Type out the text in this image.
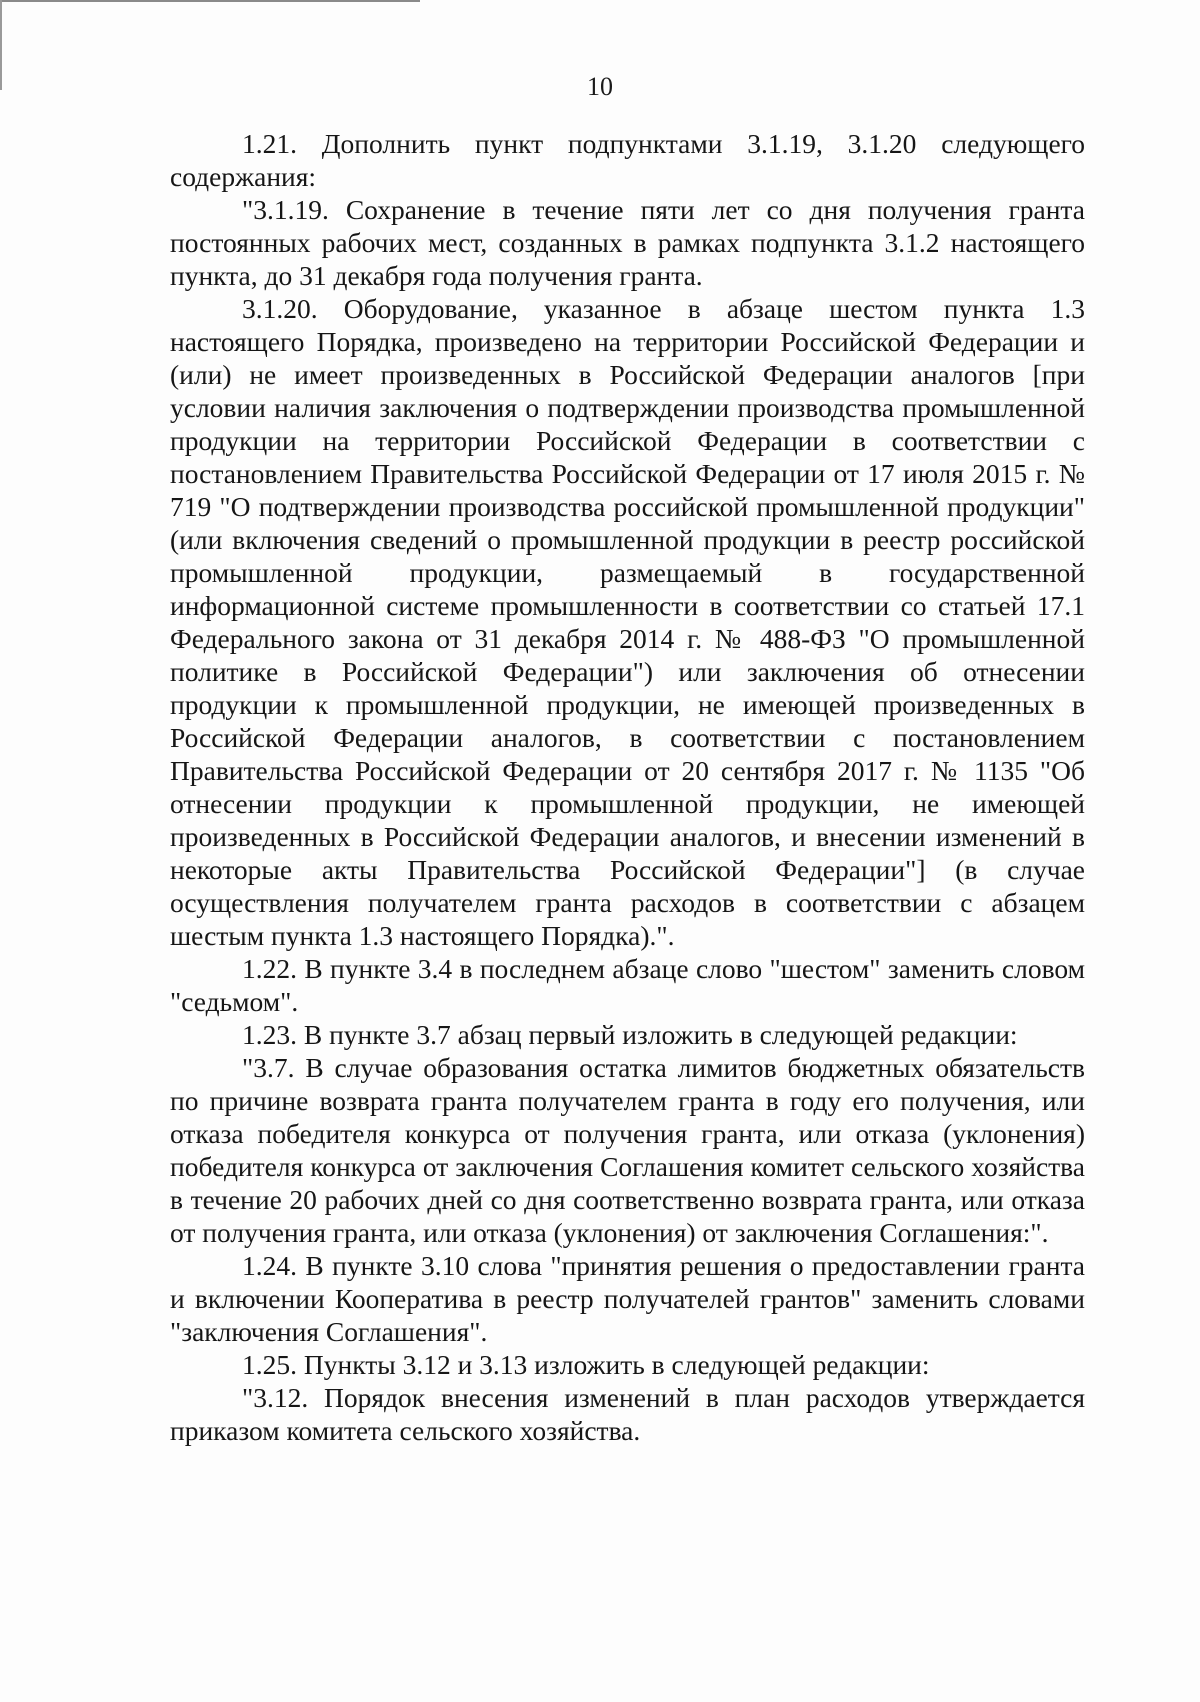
10

1.21. Дополнить пункт подпунктами 3.1.19, 3.1.20 следующего содержания:

"3.1.19. Сохранение в течение пяти лет со дня получения гранта постоянных рабочих мест, созданных в рамках подпункта 3.1.2 настоящего пункта, до 31 декабря года получения гранта.

3.1.20. Оборудование, указанное в абзаце шестом пункта 1.3 настоящего Порядка, произведено на территории Российской Федерации и (или) не имеет произведенных в Российской Федерации аналогов [при условии наличия заключения о подтверждении производства промышленной продукции на территории Российской Федерации в соответствии с постановлением Правительства Российской Федерации от 17 июля 2015 г. № 719 "О подтверждении производства российской промышленной продукции" (или включения сведений о промышленной продукции в реестр российской промышленной продукции, размещаемый в государственной информационной системе промышленности в соответствии со статьей 17.1 Федерального закона от 31 декабря 2014 г. № 488-ФЗ "О промышленной политике в Российской Федерации") или заключения об отнесении продукции к промышленной продукции, не имеющей произведенных в Российской Федерации аналогов, в соответствии с постановлением Правительства Российской Федерации от 20 сентября 2017 г. № 1135 "Об отнесении продукции к промышленной продукции, не имеющей произведенных в Российской Федерации аналогов, и внесении изменений в некоторые акты Правительства Российской Федерации"] (в случае осуществления получателем гранта расходов в соответствии с абзацем шестым пункта 1.3 настоящего Порядка).".

1.22. В пункте 3.4 в последнем абзаце слово "шестом" заменить словом "седьмом".

1.23. В пункте 3.7 абзац первый изложить в следующей редакции:

"3.7. В случае образования остатка лимитов бюджетных обязательств по причине возврата гранта получателем гранта в году его получения, или отказа победителя конкурса от получения гранта, или отказа (уклонения) победителя конкурса от заключения Соглашения комитет сельского хозяйства в течение 20 рабочих дней со дня соответственно возврата гранта, или отказа от получения гранта, или отказа (уклонения) от заключения Соглашения:".

1.24. В пункте 3.10 слова "принятия решения о предоставлении гранта и включении Кооператива в реестр получателей грантов" заменить словами "заключения Соглашения".

1.25. Пункты 3.12 и 3.13 изложить в следующей редакции:

"3.12. Порядок внесения изменений в план расходов утверждается приказом комитета сельского хозяйства.
